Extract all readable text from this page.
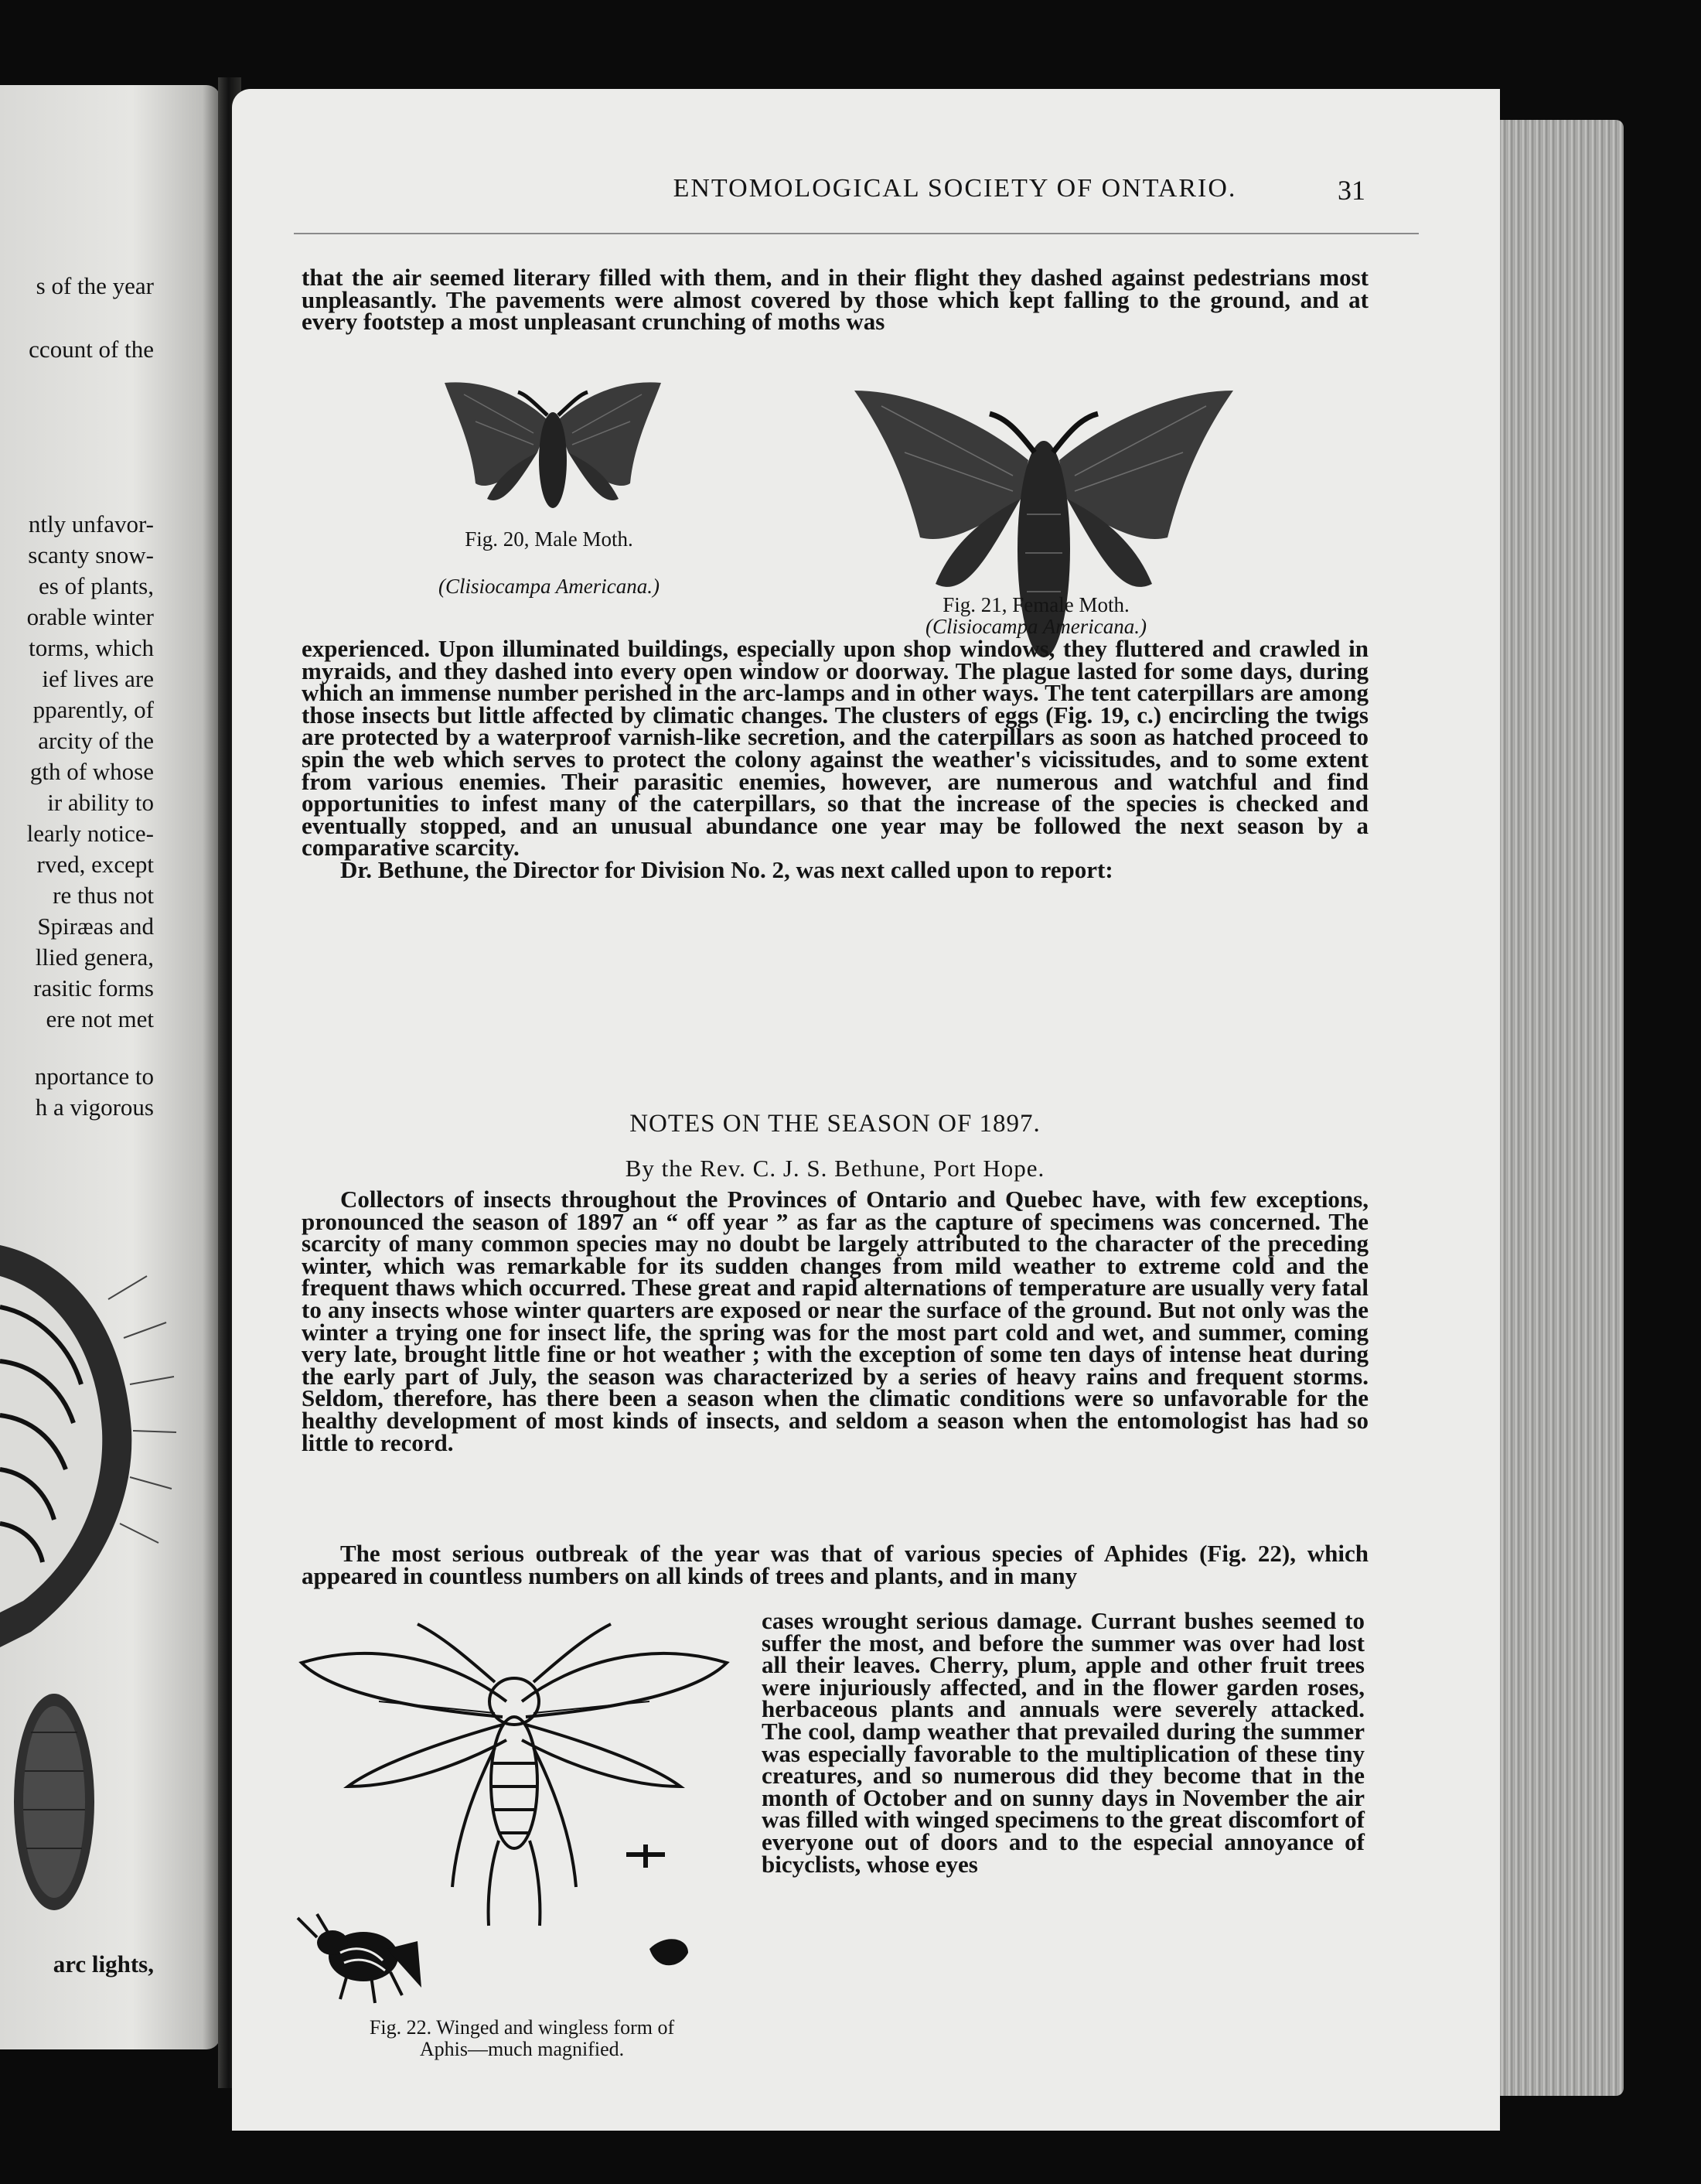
s of the year
ccount of the
ntly unfavor-
scanty snow-
es of plants,
orable winter
torms, which
ief lives are
pparently, of
arcity of the
gth of whose
ir ability to
learly notice-
rved, except
re thus not
Spiræas and
llied genera,
rasitic forms
ere not met
nportance to
h a vigorous
arc lights,
ENTOMOLOGICAL SOCIETY OF ONTARIO.	31

that the air seemed literary filled with them, and in their flight they dashed against pedestrians most unpleasantly. The pavements were almost covered by those which kept falling to the ground, and at every footstep a most unpleasant crunching of moths was

Fig. 20, Male Moth.
(Clisiocampa Americana.)
Fig. 21, Female Moth.
(Clisiocampa Americana.)

experienced. Upon illuminated buildings, especially upon shop windows, they fluttered and crawled in myraids, and they dashed into every open window or doorway. The plague lasted for some days, during which an immense number perished in the arc-lamps and in other ways. The tent caterpillars are among those insects but little affected by climatic changes. The clusters of eggs (Fig. 19, c.) encircling the twigs are protected by a waterproof varnish-like secretion, and the caterpillars as soon as hatched proceed to spin the web which serves to protect the colony against the weather's vicissitudes, and to some extent from various enemies. Their parasitic enemies, however, are numerous and watchful and find opportunities to infest many of the caterpillars, so that the increase of the species is checked and eventually stopped, and an unusual abundance one year may be followed the next season by a comparative scarcity.

Dr. Bethune, the Director for Division No. 2, was next called upon to report:

NOTES ON THE SEASON OF 1897.
By the Rev. C. J. S. Bethune, Port Hope.

Collectors of insects throughout the Provinces of Ontario and Quebec have, with few exceptions, pronounced the season of 1897 an “ off year ” as far as the capture of specimens was concerned. The scarcity of many common species may no doubt be largely attributed to the character of the preceding winter, which was remarkable for its sudden changes from mild weather to extreme cold and the frequent thaws which occurred. These great and rapid alternations of temperature are usually very fatal to any insects whose winter quarters are exposed or near the surface of the ground. But not only was the winter a trying one for insect life, the spring was for the most part cold and wet, and summer, coming very late, brought little fine or hot weather ; with the exception of some ten days of intense heat during the early part of July, the season was characterized by a series of heavy rains and frequent storms. Seldom, therefore, has there been a season when the climatic conditions were so unfavorable for the healthy development of most kinds of insects, and seldom a season when the entomologist has had so little to record.

The most serious outbreak of the year was that of various species of Aphides (Fig. 22), which appeared in countless numbers on all kinds of trees and plants, and in many

Fig. 22. Winged and wingless form of
Aphis—much magnified.

cases wrought serious damage. Currant bushes seemed to suffer the most, and before the summer was over had lost all their leaves. Cherry, plum, apple and other fruit trees were injuriously affected, and in the flower garden roses, herbaceous plants and annuals were severely attacked. The cool, damp weather that prevailed during the summer was especially favorable to the multiplication of these tiny creatures, and so numerous did they become that in the month of October and on sunny days in November the air was filled with winged specimens to the great discomfort of everyone out of doors and to the especial annoyance of bicyclists, whose eyes
